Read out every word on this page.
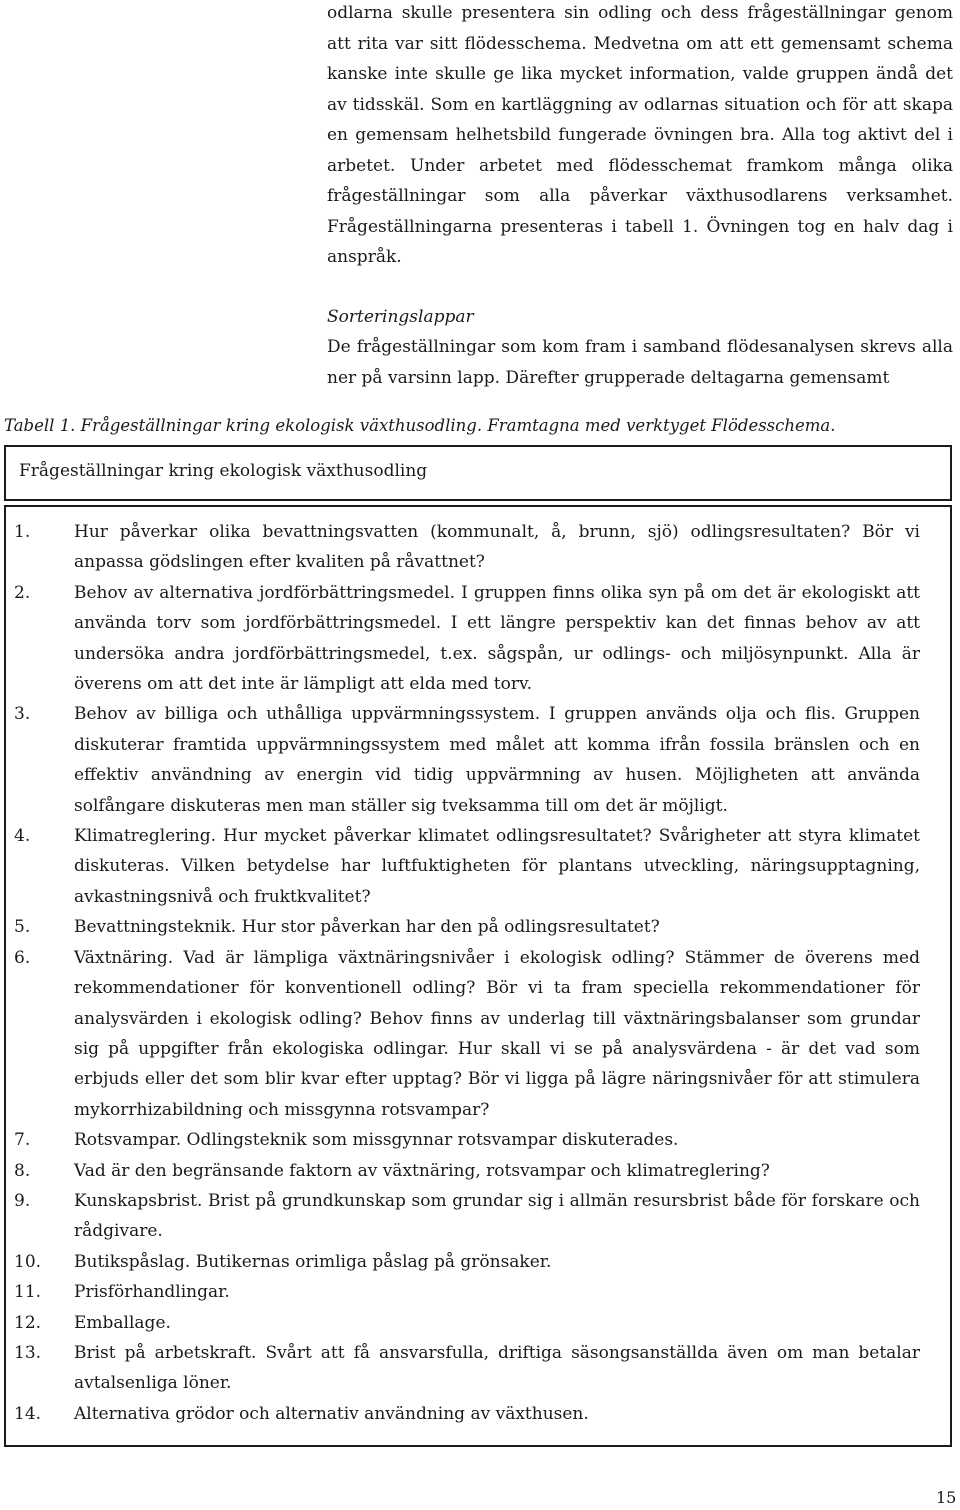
odlarna skulle presentera sin odling och dess frågeställningar genom att rita var sitt flödesschema. Medvetna om att ett gemensamt schema kanske inte skulle ge lika mycket information, valde gruppen ändå det av tidsskäl. Som en kartläggning av odlarnas situation och för att skapa en gemensam helhetsbild fungerade övningen bra. Alla tog aktivt del i arbetet. Under arbetet med flödesschemat framkom många olika frågeställningar som alla påverkar växthusodlarens verksamhet. Frågeställningarna presenteras i tabell 1. Övningen tog en halv dag i anspråk.

Sorteringslappar

De frågeställningar som kom fram i samband flödesanalysen skrevs alla ner på varsinn lapp. Därefter grupperade deltagarna gemensamt

Tabell 1. Frågeställningar kring ekologisk växthusodling. Framtagna med verktyget Flödesschema.

Frågeställningar kring ekologisk växthusodling
1.	Hur påverkar olika bevattningsvatten (kommunalt, å, brunn, sjö) odlingsresultaten? Bör vi anpassa gödslingen efter kvaliten på råvattnet?
2.	Behov av alternativa jordförbättringsmedel. I gruppen finns olika syn på om det är ekologiskt att använda torv som jordförbättringsmedel. I ett längre perspektiv kan det finnas behov av att undersöka andra jordförbättringsmedel, t.ex. sågspån, ur odlings- och miljösynpunkt. Alla är överens om att det inte är lämpligt att elda med torv.
3.	Behov av billiga och uthålliga uppvärmningssystem. I gruppen används olja och flis. Gruppen diskuterar framtida uppvärmningssystem med målet att komma ifrån fossila bränslen och en effektiv användning av energin vid tidig uppvärmning av husen. Möjligheten att använda solfångare diskuteras men man ställer sig tveksamma till om det är möjligt.
4.	Klimatreglering. Hur mycket påverkar klimatet odlingsresultatet? Svårigheter att styra klimatet diskuteras. Vilken betydelse har luftfuktigheten för plantans utveckling, näringsupptagning, avkastningsnivå och fruktkvalitet?
5.	Bevattningsteknik. Hur stor påverkan har den på odlingsresultatet?
6.	Växtnäring. Vad är lämpliga växtnäringsnivåer i ekologisk odling? Stämmer de överens med rekommendationer för konventionell odling? Bör vi ta fram speciella rekommendationer för analysvärden i ekologisk odling? Behov finns av underlag till växtnäringsbalanser som grundar sig på uppgifter från ekologiska odlingar. Hur skall vi se på analysvärdena - är det vad som erbjuds eller det som blir kvar efter upptag? Bör vi ligga på lägre näringsnivåer för att stimulera mykorrhizabildning och missgynna rotsvampar?
7.	Rotsvampar. Odlingsteknik som missgynnar rotsvampar diskuterades.
8.	Vad är den begränsande faktorn av växtnäring, rotsvampar och klimatreglering?
9.	Kunskapsbrist. Brist på grundkunskap som grundar sig i allmän resursbrist både för forskare och rådgivare.
10.	Butikspåslag. Butikernas orimliga påslag på grönsaker.
11.	Prisförhandlingar.
12.	Emballage.
13.	Brist på arbetskraft. Svårt att få ansvarsfulla, driftiga säsongsanställda även om man betalar avtalsenliga löner.
14.	Alternativa grödor och alternativ användning av växthusen.
15
